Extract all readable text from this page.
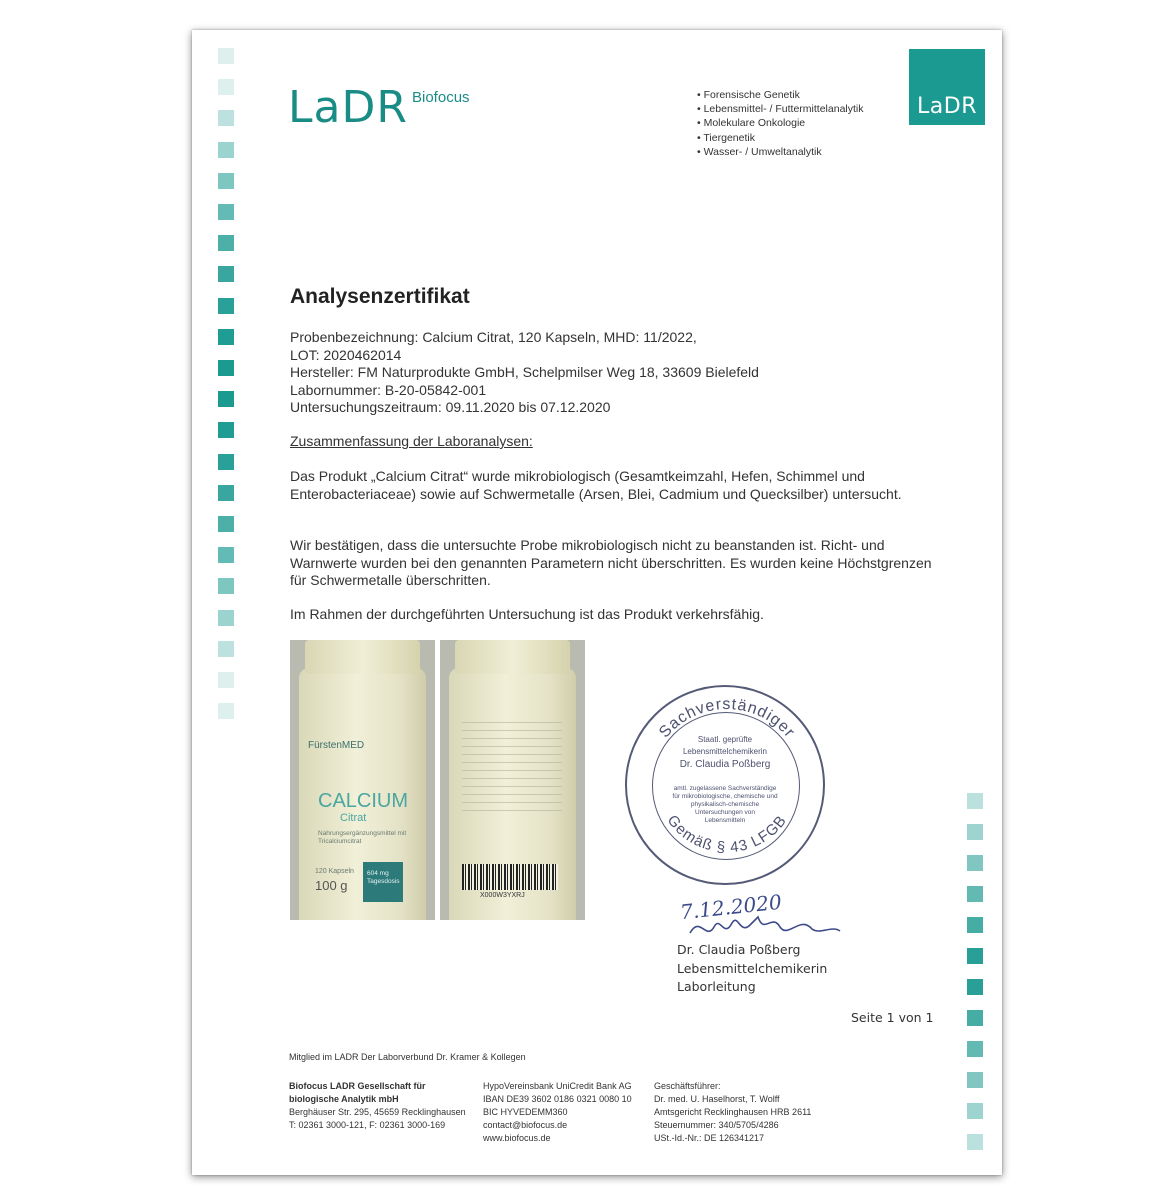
LaDR Biofocus
•	Forensische Genetik
• Lebensmittel- / Futtermittelanalytik
• Molekulare Onkologie
• Tiergenetik
• Wasser- / Umweltanalytik
LaDR
Analysenzertifikat
Probenbezeichnung: Calcium Citrat, 120 Kapseln, MHD: 11/2022,
LOT: 2020462014
Hersteller: FM Naturprodukte GmbH, Schelpmilser Weg 18, 33609 Bielefeld
Labornummer: B-20-05842-001
Untersuchungszeitraum: 09.11.2020 bis 07.12.2020
Zusammenfassung der Laboranalysen:
Das Produkt „Calcium Citrat“ wurde mikrobiologisch (Gesamtkeimzahl, Hefen, Schimmel und Enterobacteriaceae) sowie auf Schwermetalle (Arsen, Blei, Cadmium und Quecksilber) untersucht.
Wir bestätigen, dass die untersuchte Probe mikrobiologisch nicht zu beanstanden ist. Richt- und Warnwerte wurden bei den genannten Parametern nicht überschritten. Es wurden keine Höchstgrenzen für Schwermetalle überschritten.
Im Rahmen der durchgeführten Untersuchung ist das Produkt verkehrsfähig.
FürstenMED
CALCIUM
Citrat
Nahrungsergänzungsmittel mit Tricalciumcitrat
120 Kapseln
100 g
604 mg Tagesdosis
X000W3YXRJ
Sachverständiger
Gemäß § 43 LFGB
Staatl. geprüfte
Lebensmittelchemikerin
Dr. Claudia Poßberg
amtl. zugelassene Sachverständige
für mikrobiologische, chemische und
physikalisch-chemische
Untersuchungen von
Lebensmitteln
7.12.2020
Dr. Claudia Poßberg
Lebensmittelchemikerin
Laborleitung
Seite 1 von 1
Mitglied im LADR Der Laborverbund Dr. Kramer & Kollegen
Biofocus LADR Gesellschaft für
biologische Analytik mbH
Berghäuser Str. 295, 45659 Recklinghausen
T: 02361 3000-121, F: 02361 3000-169
HypoVereinsbank UniCredit Bank AG
IBAN DE39 3602 0186 0321 0080 10
BIC HYVEDEMM360
contact@biofocus.de
www.biofocus.de
Geschäftsführer:
Dr. med. U. Haselhorst, T. Wolff
Amtsgericht Recklinghausen HRB 2611
Steuernummer: 340/5705/4286
USt.-Id.-Nr.: DE 126341217
